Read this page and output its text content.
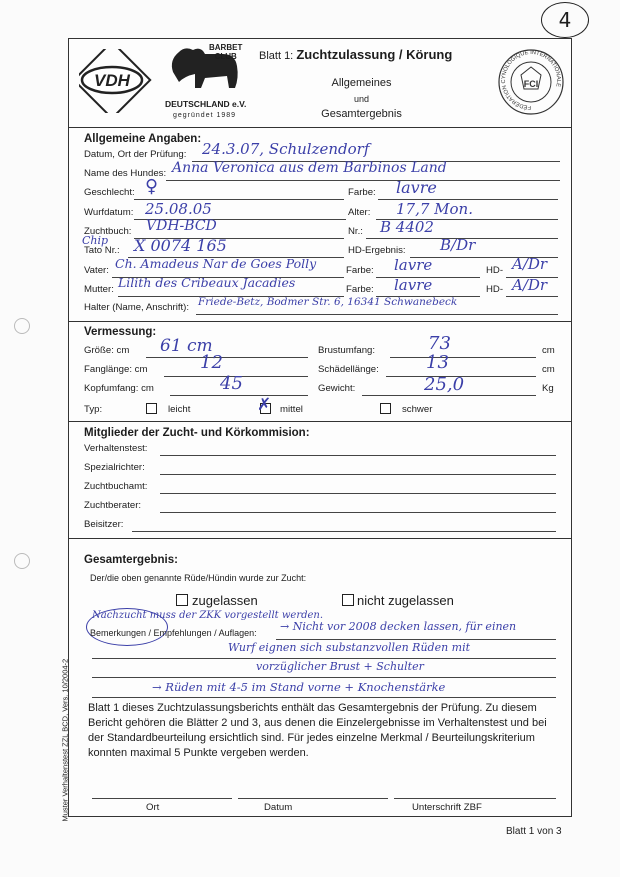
4
VDH
BARBET
CLUB
DEUTSCHLAND e.V.
gegründet 1989
Blatt 1: Zuchtzulassung / Körung
Allgemeines
und
Gesamtergebnis
FÉDÉRATION CYNOLOGIQUE INTERNATIONALE
FCI
Allgemeine Angaben:
Datum, Ort der Prüfung: 24.3.07, Schulzendorf
Name des Hundes: Anna Veronica aus dem Barbinos Land
Geschlecht: ♀	Farbe: lavre
Wurfdatum: 25.08.05	Alter: 17,7 Mon.
Zuchtbuch: VDH-BCD	Nr.: B 4402
Tato Nr.:
Chip X 0074 165	HD-Ergebnis: B/Dr
Vater: Ch. Amadeus Nar de Goes Polly	Farbe: lavre	HD- A/Dr
Mutter: Lilith des Cribeaux Jacadies	Farbe: lavre	HD- A/Dr
Halter (Name, Anschrift): Friede-Betz, Bodmer Str. 6, 16341 Schwanebeck
Vermessung:
Größe: cm 61 cm	Brustumfang:	73	cm
Fanglänge: cm	12	Schädellänge:	13	cm
Kopfumfang: cm	45	Gewicht:	25,0	Kg
Typ:	leicht	✗ mittel	schwer
Mitglieder der Zucht- und Körkommision:
Verhaltenstest:
Spezialrichter:
Zuchtbuchamt:
Zuchtberater:
Beisitzer:
Gesamtergebnis:
Der/die oben genannte Rüde/Hündin wurde zur Zucht:
zugelassen	nicht zugelassen
Nachzucht muss der ZKK vorgestellt werden.
Bemerkungen / Empfehlungen / Auflagen: → Nicht vor 2008 decken lassen, für einen
Wurf eignen sich substanzvollen Rüden mit
vorzüglicher Brust + Schulter
→ Rüden mit 4-5 im Stand vorne + Knochenstärke
Blatt 1 dieses Zuchtzulassungsberichts enthält das Gesamtergebnis der Prüfung. Zu diesem Bericht gehören die Blätter 2 und 3, aus denen die Einzelergebnisse im Verhaltenstest und bei der Standardbeurteilung ersichtlich sind. Für jedes einzelne Merkmal / Beurteilungskriterium konnten maximal 5 Punkte vergeben werden.
Ort	Datum	Unterschrift ZBF
Muster Verhaltenstest ZZL BCD, Vers. 10/2004-2
Blatt 1 von 3
